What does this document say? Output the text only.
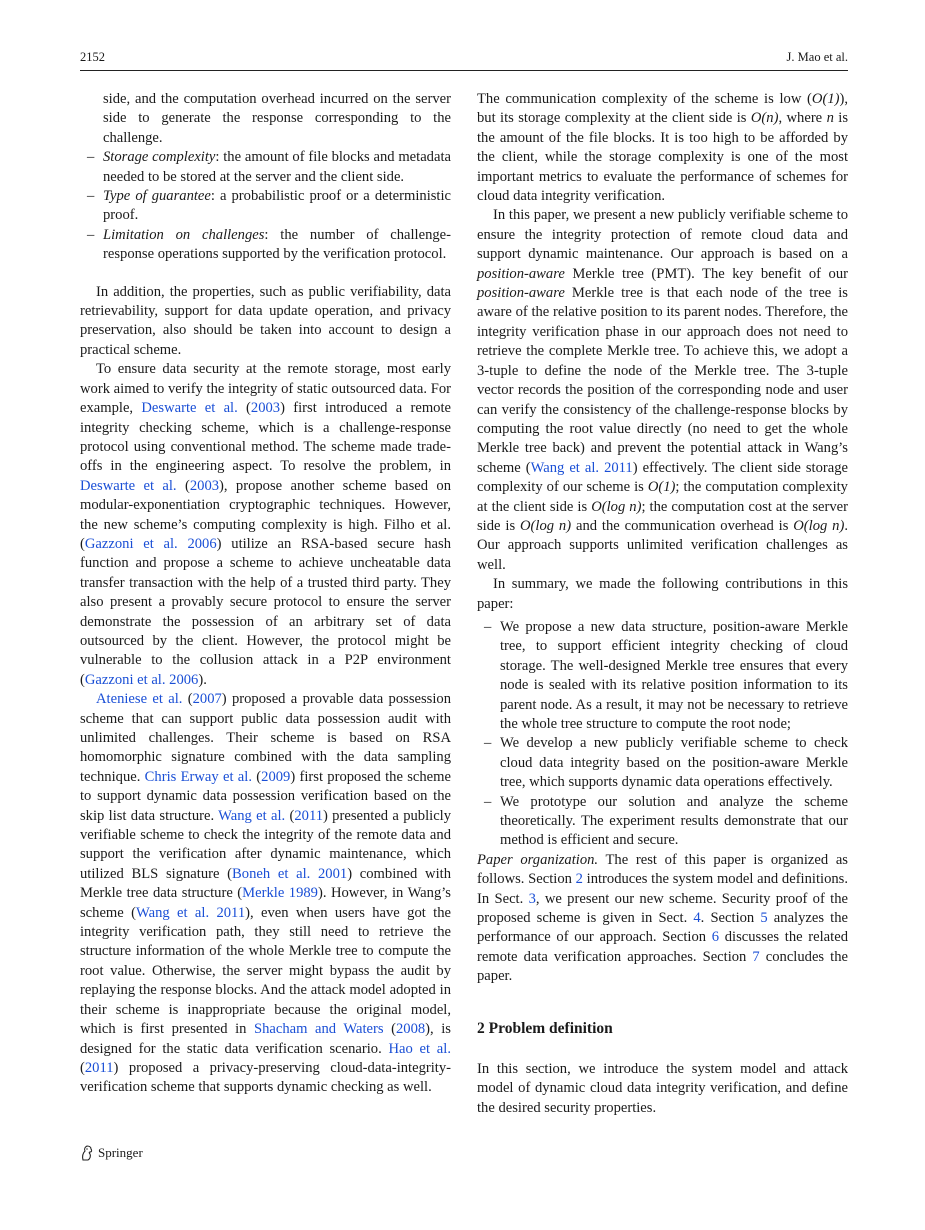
2152	J. Mao et al.

side, and the computation overhead incurred on the server side to generate the response corresponding to the challenge.

– Storage complexity: the amount of file blocks and metadata needed to be stored at the server and the client side.
– Type of guarantee: a probabilistic proof or a deterministic proof.
– Limitation on challenges: the number of challenge-response operations supported by the verification protocol.

In addition, the properties, such as public verifiability, data retrievability, support for data update operation, and privacy preservation, also should be taken into account to design a practical scheme.

To ensure data security at the remote storage, most early work aimed to verify the integrity of static outsourced data. For example, Deswarte et al. (2003) first introduced a remote integrity checking scheme, which is a challenge-response protocol using conventional method. The scheme made trade-offs in the engineering aspect. To resolve the problem, in Deswarte et al. (2003), propose another scheme based on modular-exponentiation cryptographic techniques. However, the new scheme’s computing complexity is high. Filho et al. (Gazzoni et al. 2006) utilize an RSA-based secure hash function and propose a scheme to achieve uncheatable data transfer transaction with the help of a trusted third party. They also present a provably secure protocol to ensure the server demonstrate the possession of an arbitrary set of data outsourced by the client. However, the protocol might be vulnerable to the collusion attack in a P2P environment (Gazzoni et al. 2006).

Ateniese et al. (2007) proposed a provable data possession scheme that can support public data possession audit with unlimited challenges. Their scheme is based on RSA homomorphic signature combined with the data sampling technique. Chris Erway et al. (2009) first proposed the scheme to support dynamic data possession verification based on the skip list data structure. Wang et al. (2011) presented a publicly verifiable scheme to check the integrity of the remote data and support the verification after dynamic maintenance, which utilized BLS signature (Boneh et al. 2001) combined with Merkle tree data structure (Merkle 1989). However, in Wang’s scheme (Wang et al. 2011), even when users have got the integrity verification path, they still need to retrieve the structure information of the whole Merkle tree to compute the root value. Otherwise, the server might bypass the audit by replaying the response blocks. And the attack model adopted in their scheme is inappropriate because the original model, which is first presented in Shacham and Waters (2008), is designed for the static data verification scenario. Hao et al. (2011) proposed a privacy-preserving cloud-data-integrity-verification scheme that supports dynamic checking as well.

The communication complexity of the scheme is low (O(1)), but its storage complexity at the client side is O(n), where n is the amount of the file blocks. It is too high to be afforded by the client, while the storage complexity is one of the most important metrics to evaluate the performance of schemes for cloud data integrity verification.

In this paper, we present a new publicly verifiable scheme to ensure the integrity protection of remote cloud data and support dynamic maintenance. Our approach is based on a position-aware Merkle tree (PMT). The key benefit of our position-aware Merkle tree is that each node of the tree is aware of the relative position to its parent nodes. Therefore, the integrity verification phase in our approach does not need to retrieve the complete Merkle tree. To achieve this, we adopt a 3-tuple to define the node of the Merkle tree. The 3-tuple vector records the position of the corresponding node and user can verify the consistency of the challenge-response blocks by computing the root value directly (no need to get the whole Merkle tree back) and prevent the potential attack in Wang’s scheme (Wang et al. 2011) effectively. The client side storage complexity of our scheme is O(1); the computation complexity at the client side is O(log n); the computation cost at the server side is O(log n) and the communication overhead is O(log n). Our approach supports unlimited verification challenges as well.

In summary, we made the following contributions in this paper:

– We propose a new data structure, position-aware Merkle tree, to support efficient integrity checking of cloud storage. The well-designed Merkle tree ensures that every node is sealed with its relative position information to its parent node. As a result, it may not be necessary to retrieve the whole tree structure to compute the root node;
– We develop a new publicly verifiable scheme to check cloud data integrity based on the position-aware Merkle tree, which supports dynamic data operations effectively.
– We prototype our solution and analyze the scheme theoretically. The experiment results demonstrate that our method is efficient and secure.

Paper organization. The rest of this paper is organized as follows. Section 2 introduces the system model and definitions. In Sect. 3, we present our new scheme. Security proof of the proposed scheme is given in Sect. 4. Section 5 analyzes the performance of our approach. Section 6 discusses the related remote data verification approaches. Section 7 concludes the paper.

2 Problem definition

In this section, we introduce the system model and attack model of dynamic cloud data integrity verification, and define the desired security properties.

Springer
